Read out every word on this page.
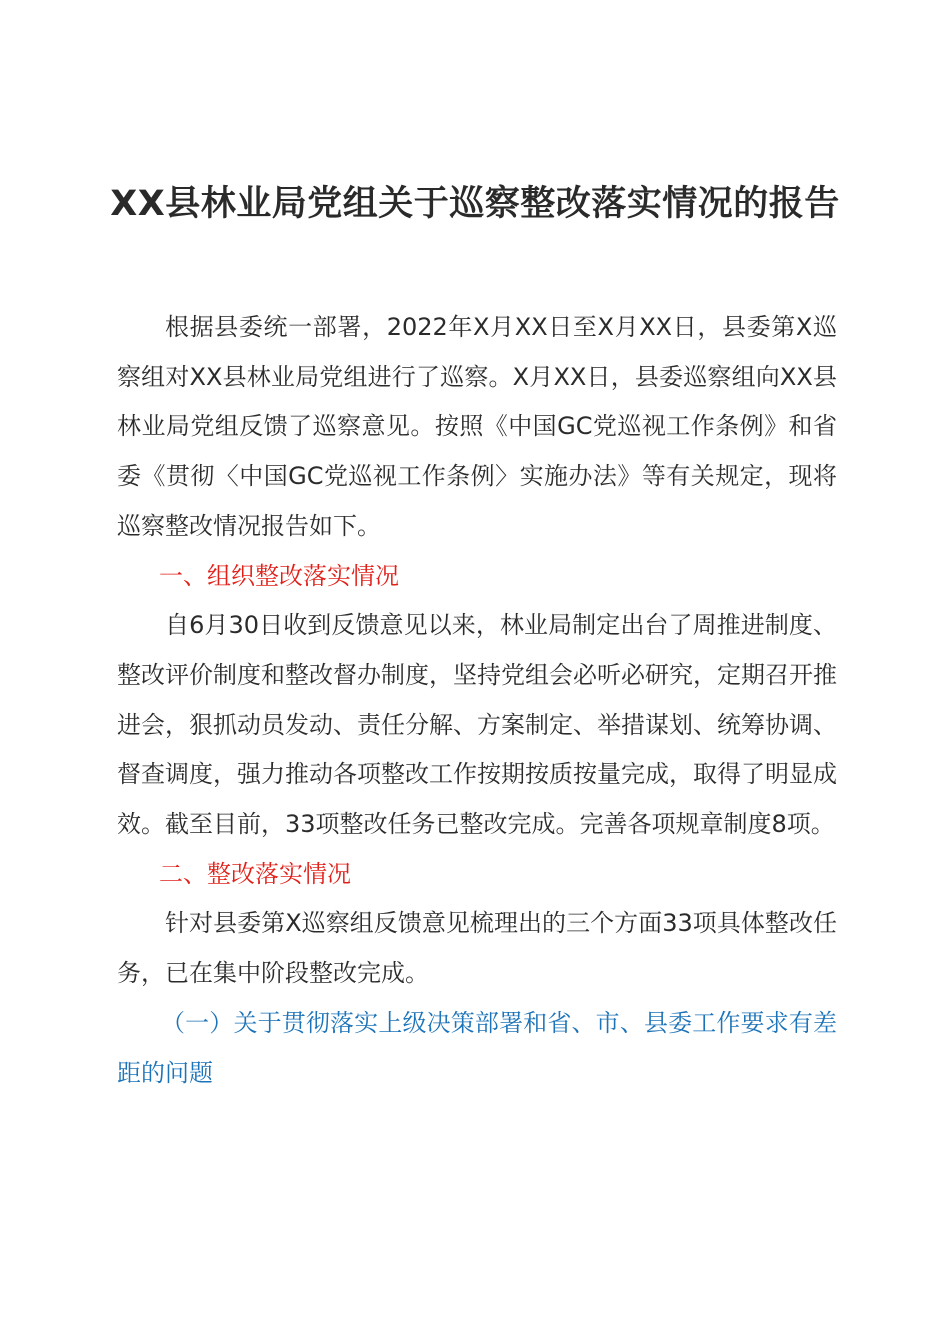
XX县林业局党组关于巡察整改落实情况的报告

根据县委统一部署，2022年X月XX日至X月XX日，县委第X巡察组对XX县林业局党组进行了巡察。X月XX日，县委巡察组向XX县林业局党组反馈了巡察意见。按照《中国GC党巡视工作条例》和省委《贯彻〈中国GC党巡视工作条例〉实施办法》等有关规定，现将巡察整改情况报告如下。

一、组织整改落实情况

自6月30日收到反馈意见以来，林业局制定出台了周推进制度、整改评价制度和整改督办制度，坚持党组会必听必研究，定期召开推进会，狠抓动员发动、责任分解、方案制定、举措谋划、统筹协调、督查调度，强力推动各项整改工作按期按质按量完成，取得了明显成效。截至目前，33项整改任务已整改完成。完善各项规章制度8项。

二、整改落实情况

针对县委第X巡察组反馈意见梳理出的三个方面33项具体整改任务，已在集中阶段整改完成。

（一）关于贯彻落实上级决策部署和省、市、县委工作要求有差距的问题
